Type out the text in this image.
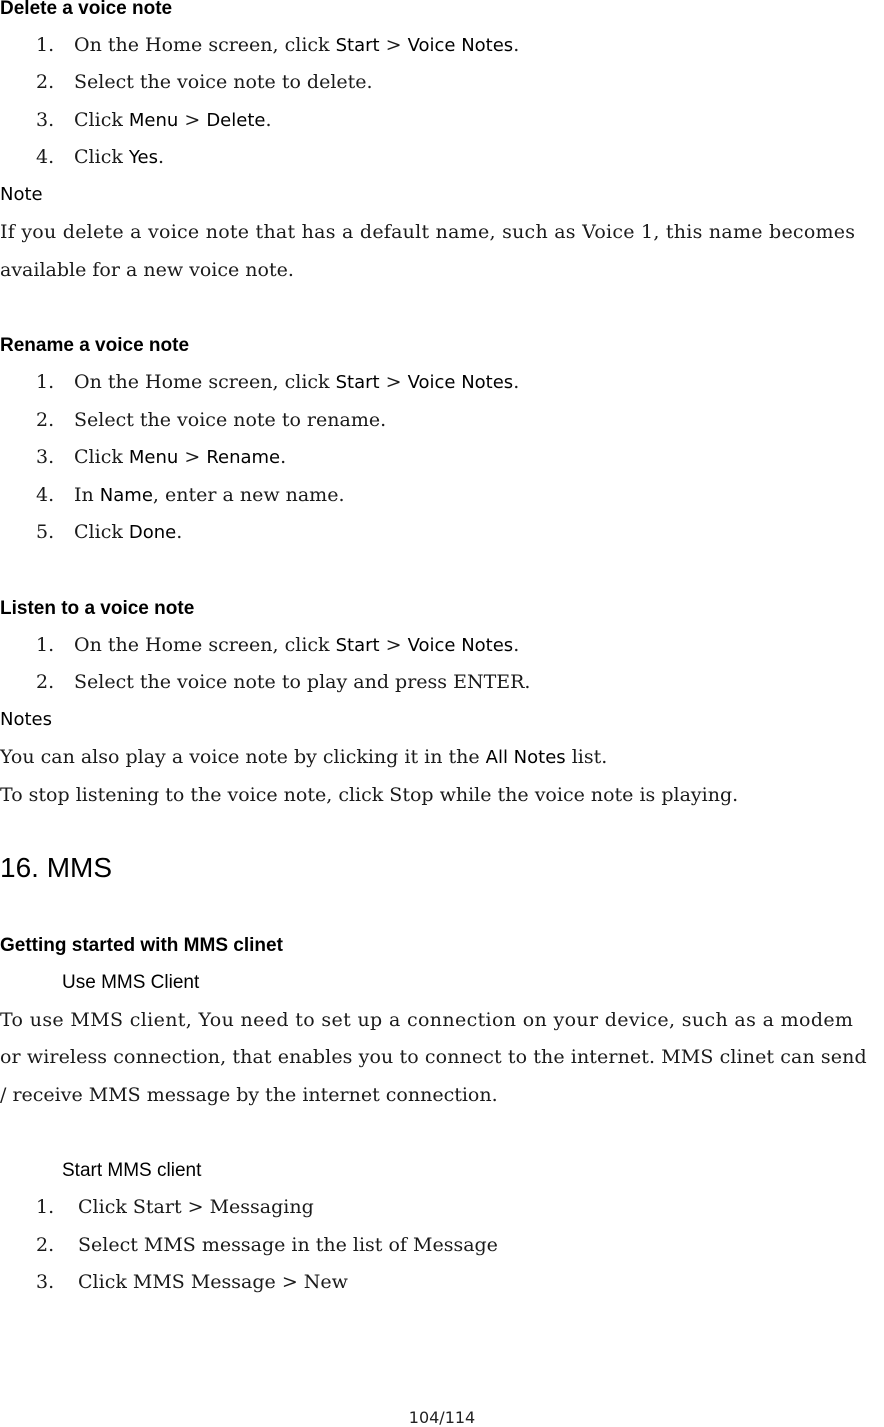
Delete a voice note
1. On the Home screen, click Start > Voice Notes.
2. Select the voice note to delete.
3. Click Menu > Delete.
4. Click Yes.
Note
If you delete a voice note that has a default name, such as Voice 1, this name becomes
available for a new voice note.
Rename a voice note
1. On the Home screen, click Start > Voice Notes.
2. Select the voice note to rename.
3. Click Menu > Rename.
4. In Name, enter a new name.
5. Click Done.
Listen to a voice note
1. On the Home screen, click Start > Voice Notes.
2. Select the voice note to play and press ENTER.
Notes
You can also play a voice note by clicking it in the All Notes list.
To stop listening to the voice note, click Stop while the voice note is playing.
16. MMS
Getting started with MMS clinet
Use MMS Client
To use MMS client, You need to set up a connection on your device, such as a modem
or wireless connection, that enables you to connect to the internet. MMS clinet can send
/ receive MMS message by the internet connection.
Start MMS client
1. Click Start > Messaging
2. Select MMS message in the list of Message
3. Click MMS Message > New
104/114
